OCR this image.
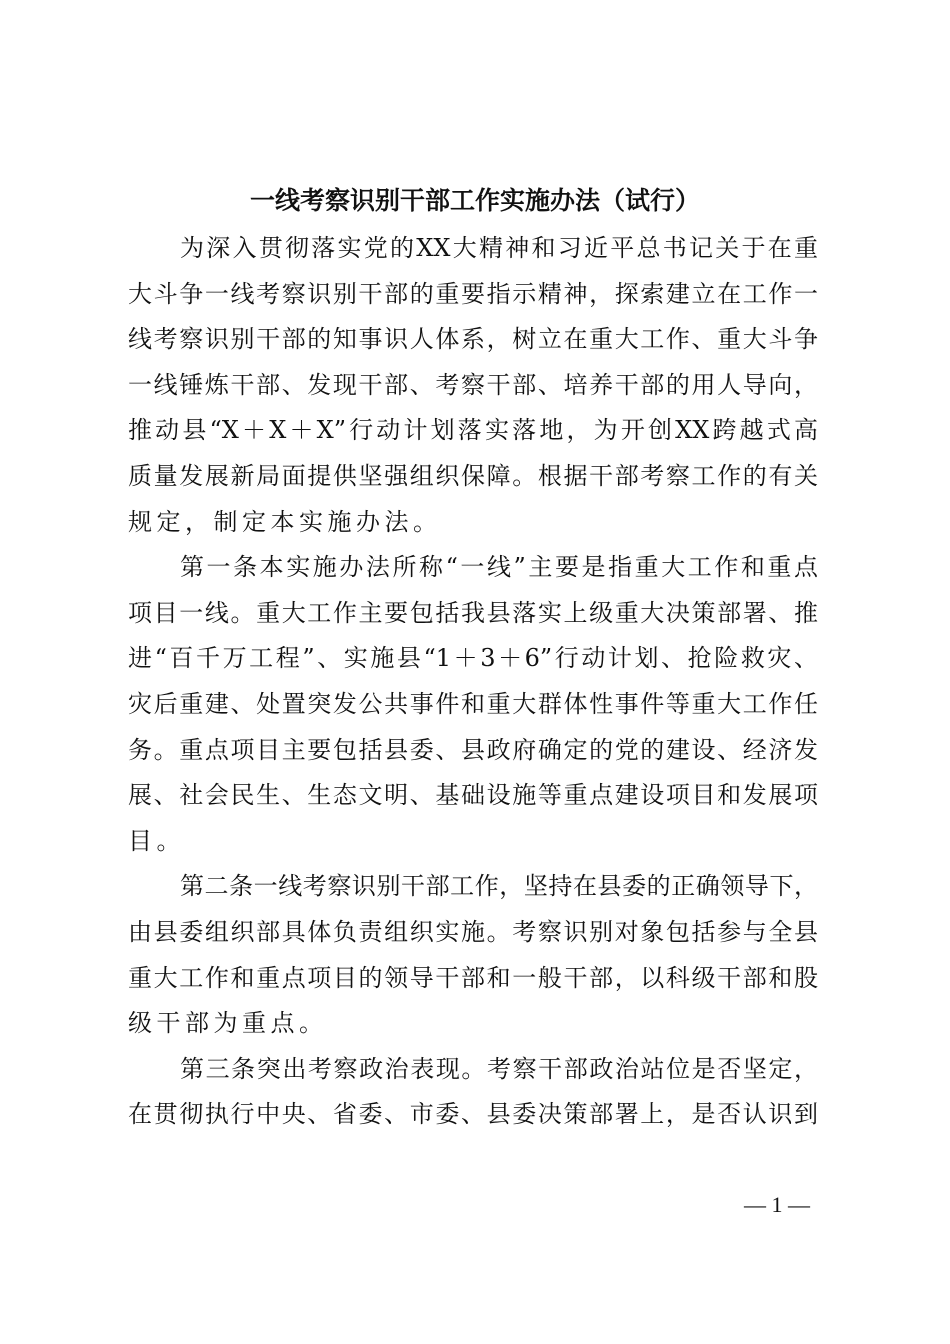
一线考察识别干部工作实施办法（试行）
为深入贯彻落实党的XX大精神和习近平总书记关于在重
大斗争一线考察识别干部的重要指示精神，探索建立在工作一
线考察识别干部的知事识人体系，树立在重大工作、重大斗争
一线锤炼干部、发现干部、考察干部、培养干部的用人导向，
推动县“X＋X＋X”行动计划落实落地，为开创XX跨越式高
质量发展新局面提供坚强组织保障。根据干部考察工作的有关
规定，制定本实施办法。
第一条本实施办法所称“一线”主要是指重大工作和重点
项目一线。重大工作主要包括我县落实上级重大决策部署、推
进“百千万工程”、实施县“1＋3＋6”行动计划、抢险救灾、
灾后重建、处置突发公共事件和重大群体性事件等重大工作任
务。重点项目主要包括县委、县政府确定的党的建设、经济发
展、社会民生、生态文明、基础设施等重点建设项目和发展项
目。
第二条一线考察识别干部工作，坚持在县委的正确领导下，
由县委组织部具体负责组织实施。考察识别对象包括参与全县
重大工作和重点项目的领导干部和一般干部，以科级干部和股
级干部为重点。
第三条突出考察政治表现。考察干部政治站位是否坚定，
在贯彻执行中央、省委、市委、县委决策部署上，是否认识到
— 1 —
